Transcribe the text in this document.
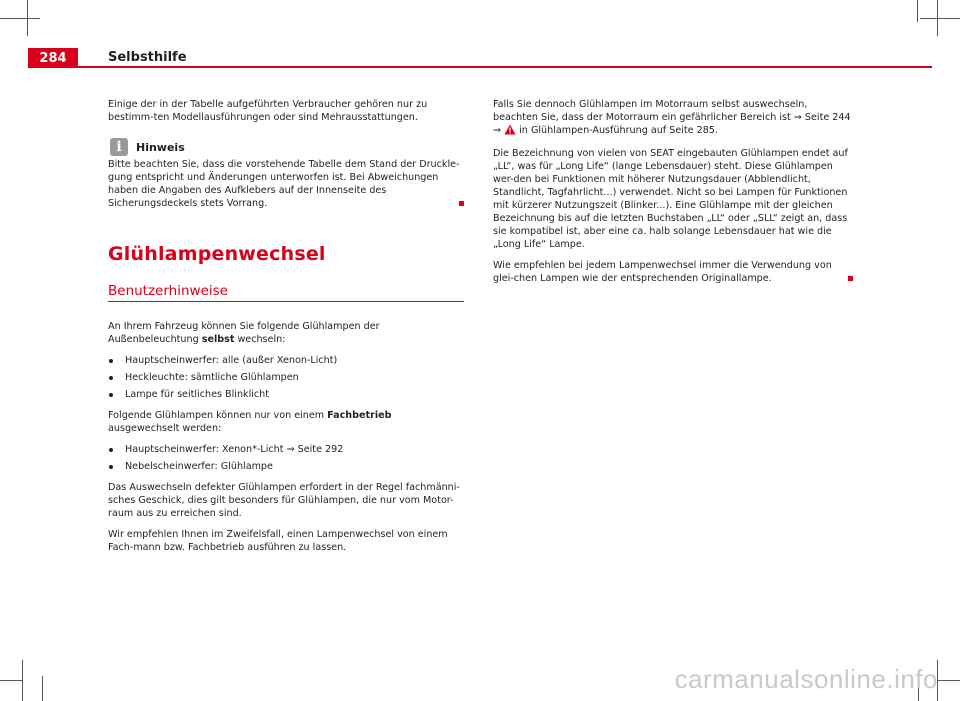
284	Selbsthilfe

Einige der in der Tabelle aufgeführten Verbraucher gehören nur zu bestimm-ten Modellausführungen oder sind Mehrausstattungen.

i	Hinweis

Bitte beachten Sie, dass die vorstehende Tabelle dem Stand der Druckle-gung entspricht und Änderungen unterworfen ist. Bei Abweichungen haben die Angaben des Aufklebers auf der Innenseite des Sicherungsdeckels stets Vorrang.

Glühlampenwechsel
Benutzerhinweise

An Ihrem Fahrzeug können Sie folgende Glühlampen der Außenbeleuchtung selbst wechseln:

Hauptscheinwerfer: alle (außer Xenon-Licht)
Heckleuchte: sämtliche Glühlampen
Lampe für seitliches Blinklicht

Folgende Glühlampen können nur von einem Fachbetrieb ausgewechselt werden:

Hauptscheinwerfer: Xenon*-Licht ⇒ Seite 292
Nebelscheinwerfer: Glühlampe

Das Auswechseln defekter Glühlampen erfordert in der Regel fachmänni-sches Geschick, dies gilt besonders für Glühlampen, die nur vom Motor-raum aus zu erreichen sind.

Wir empfehlen Ihnen im Zweifelsfall, einen Lampenwechsel von einem Fach-mann bzw. Fachbetrieb ausführen zu lassen.

Falls Sie dennoch Glühlampen im Motorraum selbst auswechseln, beachten Sie, dass der Motorraum ein gefährlicher Bereich ist ⇒ Seite 244 ⇒  in Glühlampen-Ausführung auf Seite 285.

Die Bezeichnung von vielen von SEAT eingebauten Glühlampen endet auf „LL“, was für „Long Life“ (lange Lebensdauer) steht. Diese Glühlampen wer-den bei Funktionen mit höherer Nutzungsdauer (Abblendlicht, Standlicht, Tagfahrlicht...) verwendet. Nicht so bei Lampen für Funktionen mit kürzerer Nutzungszeit (Blinker...). Eine Glühlampe mit der gleichen Bezeichnung bis auf die letzten Buchstaben „LL“ oder „SLL“ zeigt an, dass sie kompatibel ist, aber eine ca. halb solange Lebensdauer hat wie die „Long Life“ Lampe.

Wie empfehlen bei jedem Lampenwechsel immer die Verwendung von glei-chen Lampen wie der entsprechenden Originallampe.

carmanualsonline.info
